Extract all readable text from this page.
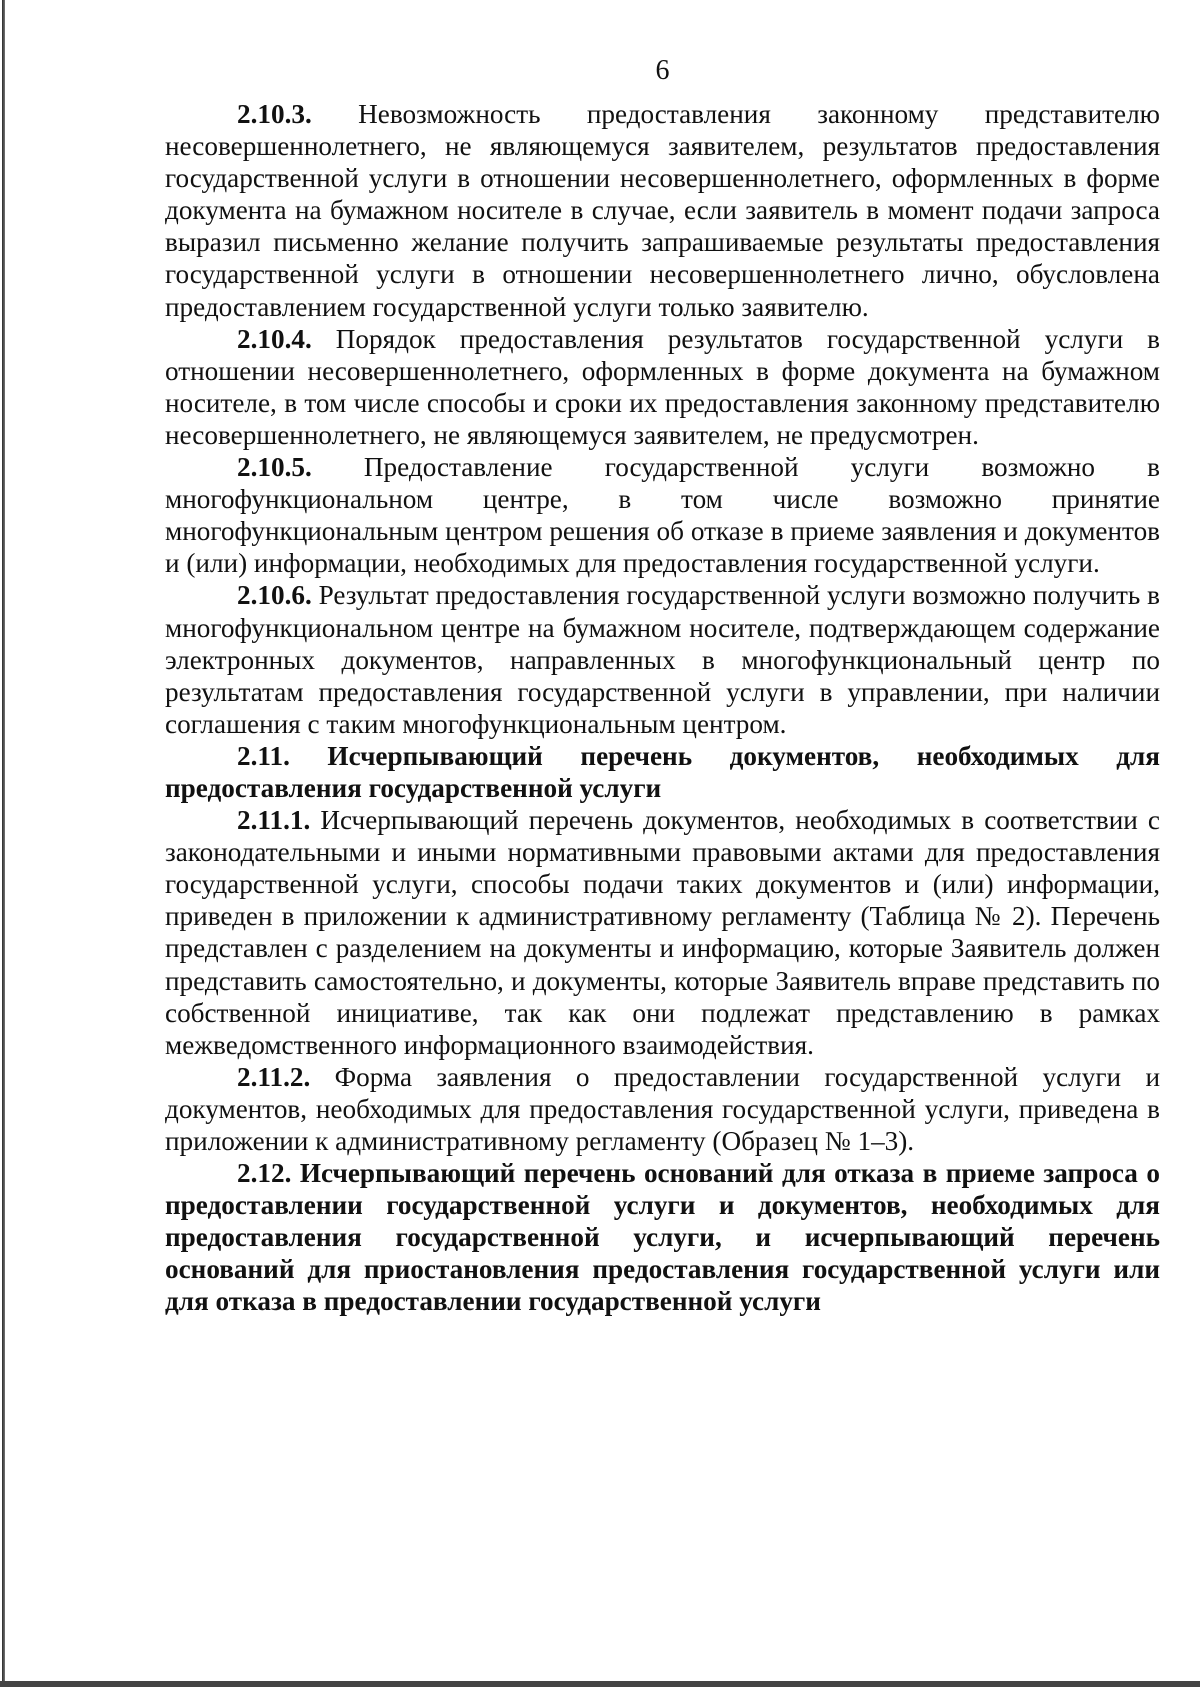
6

2.10.3. Невозможность предоставления законному представителю несовершеннолетнего, не являющемуся заявителем, результатов предоставления государственной услуги в отношении несовершеннолетнего, оформленных в форме документа на бумажном носителе в случае, если заявитель в момент подачи запроса выразил письменно желание получить запрашиваемые результаты предоставления государственной услуги в отношении несовершеннолетнего лично, обусловлена предоставлением государственной услуги только заявителю.

2.10.4. Порядок предоставления результатов государственной услуги в отношении несовершеннолетнего, оформленных в форме документа на бумажном носителе, в том числе способы и сроки их предоставления законному представителю несовершеннолетнего, не являющемуся заявителем, не предусмотрен.

2.10.5. Предоставление государственной услуги возможно в многофункциональном центре, в том числе возможно принятие многофункциональным центром решения об отказе в приеме заявления и документов и (или) информации, необходимых для предоставления государственной услуги.

2.10.6. Результат предоставления государственной услуги возможно получить в многофункциональном центре на бумажном носителе, подтверждающем содержание электронных документов, направленных в многофункциональный центр по результатам предоставления государственной услуги в управлении, при наличии соглашения с таким многофункциональным центром.

2.11. Исчерпывающий перечень документов, необходимых для предоставления государственной услуги

2.11.1. Исчерпывающий перечень документов, необходимых в соответствии с законодательными и иными нормативными правовыми актами для предоставления государственной услуги, способы подачи таких документов и (или) информации, приведен в приложении к административному регламенту (Таблица № 2). Перечень представлен с разделением на документы и информацию, которые Заявитель должен представить самостоятельно, и документы, которые Заявитель вправе представить по собственной инициативе, так как они подлежат представлению в рамках межведомственного информационного взаимодействия.

2.11.2. Форма заявления о предоставлении государственной услуги и документов, необходимых для предоставления государственной услуги, приведена в приложении к административному регламенту (Образец № 1–3).

2.12. Исчерпывающий перечень оснований для отказа в приеме запроса о предоставлении государственной услуги и документов, необходимых для предоставления государственной услуги, и исчерпывающий перечень оснований для приостановления предоставления государственной услуги или для отказа в предоставлении государственной услуги
